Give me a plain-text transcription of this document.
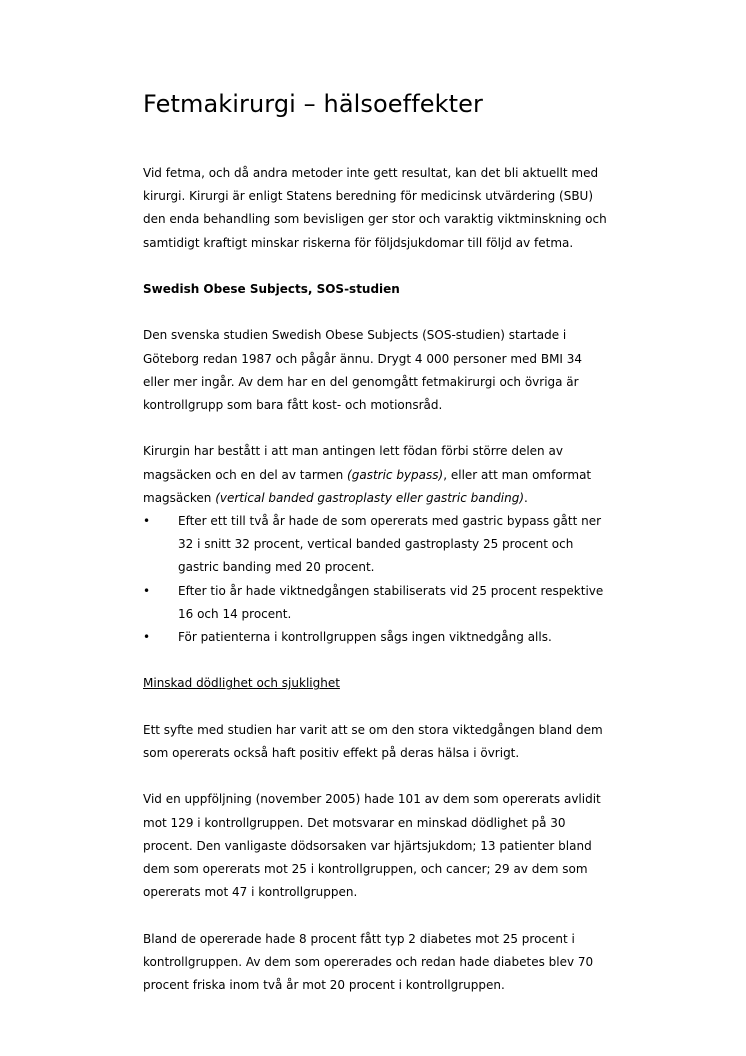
Fetmakirurgi – hälsoeffekter

Vid fetma, och då andra metoder inte gett resultat, kan det bli aktuellt med kirurgi. Kirurgi är enligt Statens beredning för medicinsk utvärdering (SBU) den enda behandling som bevisligen ger stor och varaktig viktminskning och samtidigt kraftigt minskar riskerna för följdsjukdomar till följd av fetma.

Swedish Obese Subjects, SOS-studien

Den svenska studien Swedish Obese Subjects (SOS-studien) startade i Göteborg redan 1987 och pågår ännu. Drygt 4 000 personer med BMI 34 eller mer ingår. Av dem har en del genomgått fetmakirurgi och övriga är kontrollgrupp som bara fått kost- och motionsråd.

Kirurgin har bestått i att man antingen lett födan förbi större delen av magsäcken och en del av tarmen (gastric bypass), eller att man omformat magsäcken (vertical banded gastroplasty eller gastric banding).

• Efter ett till två år hade de som opererats med gastric bypass gått ner 32 i snitt 32 procent, vertical banded gastroplasty 25 procent och gastric banding med 20 procent.
• Efter tio år hade viktnedgången stabiliserats vid 25 procent respektive 16 och 14 procent.
• För patienterna i kontrollgruppen sågs ingen viktnedgång alls.

Minskad dödlighet och sjuklighet

Ett syfte med studien har varit att se om den stora viktedgången bland dem som opererats också haft positiv effekt på deras hälsa i övrigt.

Vid en uppföljning (november 2005) hade 101 av dem som opererats avlidit mot 129 i kontrollgruppen. Det motsvarar en minskad dödlighet på 30 procent. Den vanligaste dödsorsaken var hjärtsjukdom; 13 patienter bland dem som opererats mot 25 i kontrollgruppen, och cancer; 29 av dem som opererats mot 47 i kontrollgruppen.

Bland de opererade hade 8 procent fått typ 2 diabetes mot 25 procent i kontrollgruppen. Av dem som opererades och redan hade diabetes blev 70 procent friska inom två år mot 20 procent i kontrollgruppen.
